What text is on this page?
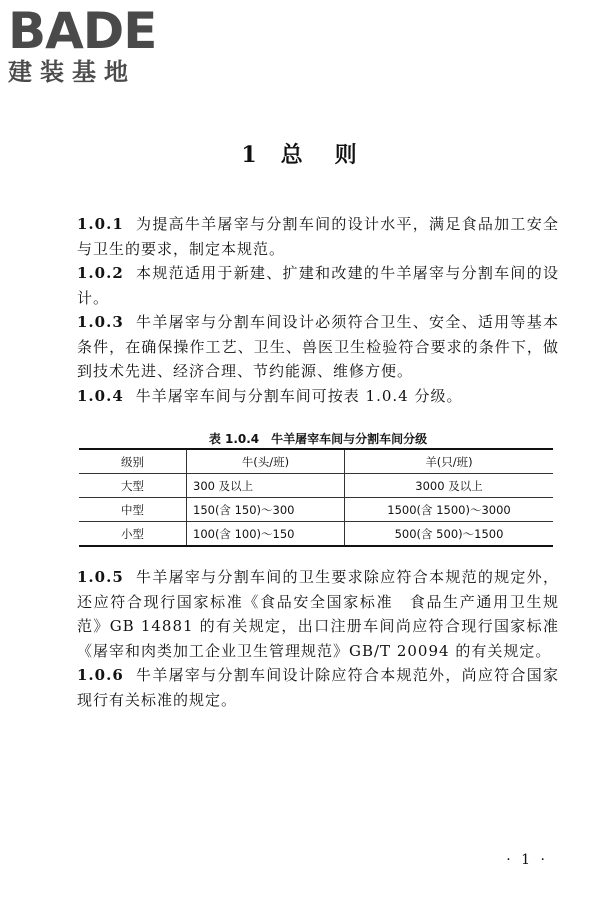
BADE
建装基地
1 总 则
1.0.1 为提高牛羊屠宰与分割车间的设计水平，满足食品加工安全与卫生的要求，制定本规范。
1.0.2 本规范适用于新建、扩建和改建的牛羊屠宰与分割车间的设计。
1.0.3 牛羊屠宰与分割车间设计必须符合卫生、安全、适用等基本条件，在确保操作工艺、卫生、兽医卫生检验符合要求的条件下，做到技术先进、经济合理、节约能源、维修方便。
1.0.4 牛羊屠宰车间与分割车间可按表 1.0.4 分级。
表 1.0.4　牛羊屠宰车间与分割车间分级
级别	牛(头/班)	羊(只/班)
大型	300 及以上	3000 及以上
中型	150(含 150)～300	1500(含 1500)～3000
小型	100(含 100)～150	500(含 500)～1500
1.0.5 牛羊屠宰与分割车间的卫生要求除应符合本规范的规定外，还应符合现行国家标准《食品安全国家标准　食品生产通用卫生规范》GB 14881 的有关规定，出口注册车间尚应符合现行国家标准《屠宰和肉类加工企业卫生管理规范》GB/T 20094 的有关规定。
1.0.6 牛羊屠宰与分割车间设计除应符合本规范外，尚应符合国家现行有关标准的规定。
· 1 ·
